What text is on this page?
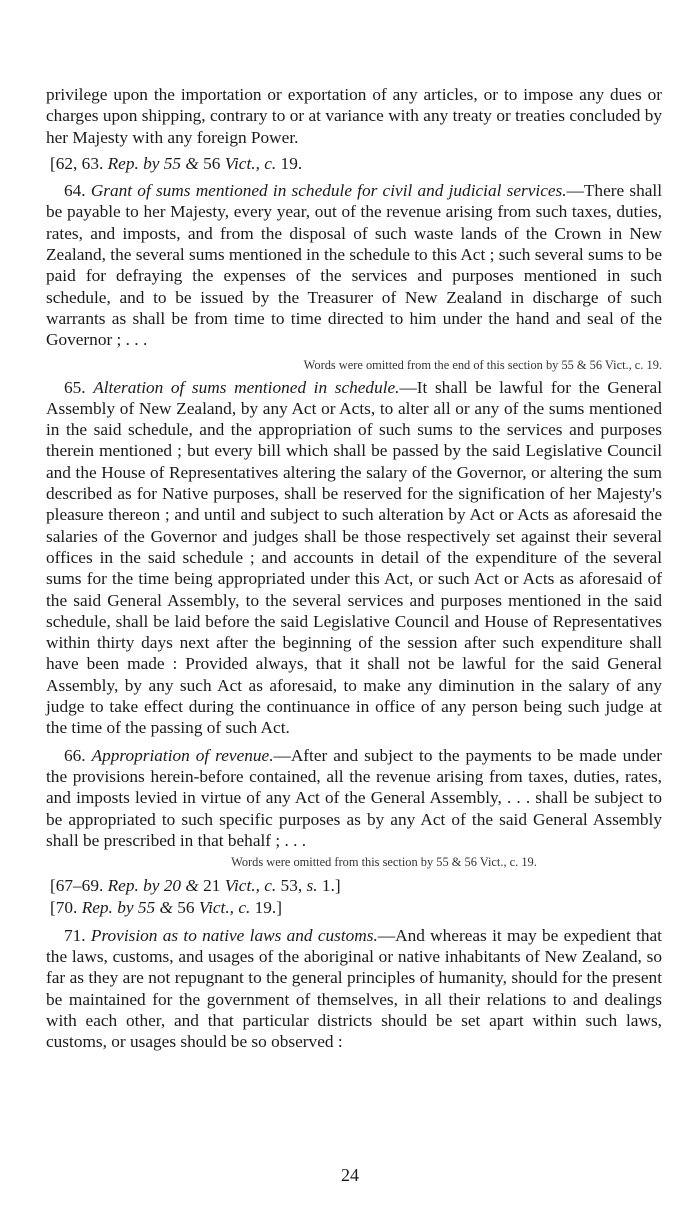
privilege upon the importation or exportation of any articles, or to impose any dues or charges upon shipping, contrary to or at variance with any treaty or treaties concluded by her Majesty with any foreign Power.

[62, 63. Rep. by 55 & 56 Vict., c. 19.

64. Grant of sums mentioned in schedule for civil and judicial services.—There shall be payable to her Majesty, every year, out of the revenue arising from such taxes, duties, rates, and imposts, and from the disposal of such waste lands of the Crown in New Zealand, the several sums mentioned in the schedule to this Act ; such several sums to be paid for defraying the expenses of the services and purposes mentioned in such schedule, and to be issued by the Treasurer of New Zealand in discharge of such warrants as shall be from time to time directed to him under the hand and seal of the Governor ; . . .

Words were omitted from the end of this section by 55 & 56 Vict., c. 19.

65. Alteration of sums mentioned in schedule.—It shall be lawful for the General Assembly of New Zealand, by any Act or Acts, to alter all or any of the sums mentioned in the said schedule, and the appropriation of such sums to the services and purposes therein mentioned ; but every bill which shall be passed by the said Legislative Council and the House of Representatives altering the salary of the Governor, or altering the sum described as for Native purposes, shall be reserved for the signification of her Majesty's pleasure thereon ; and until and subject to such alteration by Act or Acts as aforesaid the salaries of the Governor and judges shall be those respectively set against their several offices in the said schedule ; and accounts in detail of the expenditure of the several sums for the time being appropriated under this Act, or such Act or Acts as aforesaid of the said General Assembly, to the several services and purposes mentioned in the said schedule, shall be laid before the said Legislative Council and House of Representatives within thirty days next after the beginning of the session after such expenditure shall have been made : Provided always, that it shall not be lawful for the said General Assembly, by any such Act as aforesaid, to make any diminution in the salary of any judge to take effect during the continuance in office of any person being such judge at the time of the passing of such Act.

66. Appropriation of revenue.—After and subject to the payments to be made under the provisions herein-before contained, all the revenue arising from taxes, duties, rates, and imposts levied in virtue of any Act of the General Assembly, . . . shall be subject to be appropriated to such specific purposes as by any Act of the said General Assembly shall be prescribed in that behalf ; . . .

Words were omitted from this section by 55 & 56 Vict., c. 19.

[67–69. Rep. by 20 & 21 Vict., c. 53, s. 1.]

[70. Rep. by 55 & 56 Vict., c. 19.]

71. Provision as to native laws and customs.—And whereas it may be expedient that the laws, customs, and usages of the aboriginal or native inhabitants of New Zealand, so far as they are not repugnant to the general principles of humanity, should for the present be maintained for the government of themselves, in all their relations to and dealings with each other, and that particular districts should be set apart within such laws, customs, or usages should be so observed :

24
